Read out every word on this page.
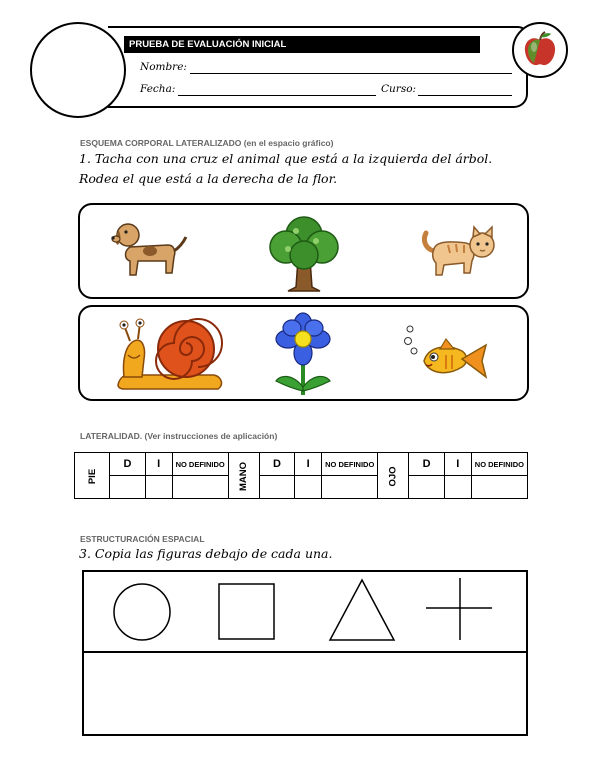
PRUEBA DE EVALUACIÓN INICIAL
Nombre:
Fecha:	Curso:
ESQUEMA CORPORAL LATERALIZADO (en el espacio gráfico)
1. Tacha con una cruz el animal que está a la izquierda del árbol.
Rodea el que está a la derecha de la flor.
LATERALIDAD. (Ver instrucciones de aplicación)
PIE	D	I	NO DEFINIDO	MANO	D	I	NO DEFINIDO	OJO	D	I	NO DEFINIDO

ESTRUCTURACIÓN ESPACIAL
3. Copia las figuras debajo de cada una.
